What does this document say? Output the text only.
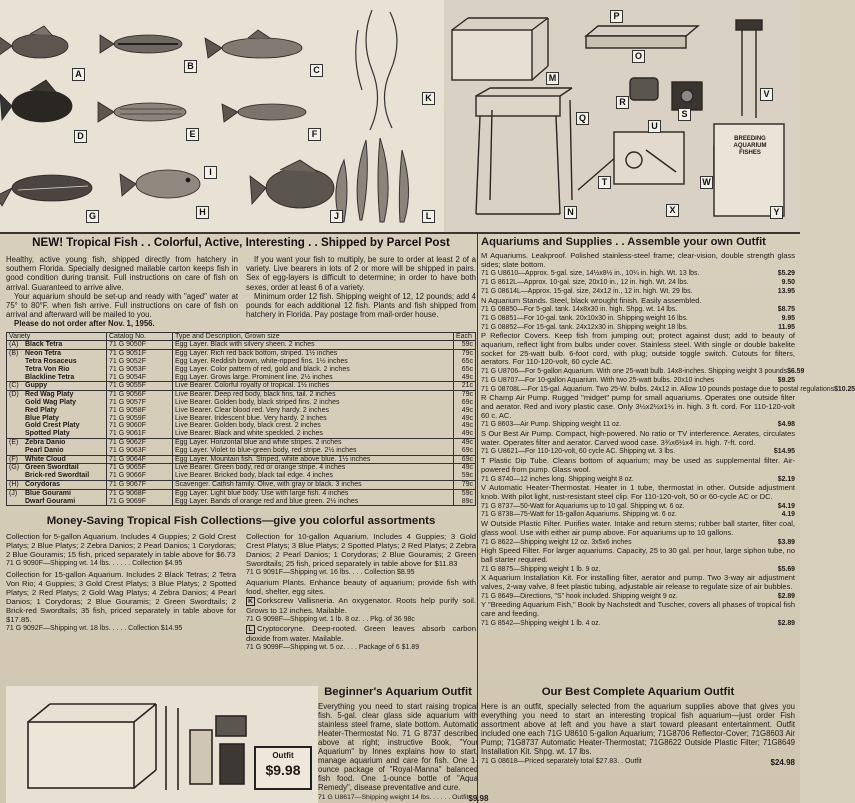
A
B	C
D	E	F
G	H
I
J
K
L
BREEDING AQUARIUM FISHES
M
N
O
P
Q
R
S
T
U
V
W
X	Y
NEW! Tropical Fish . . Colorful, Active, Interesting . . Shipped by Parcel Post

Healthy, active young fish, shipped directly from hatchery in southern Florida. Specially designed mailable carton keeps fish in good condition during transit. Full instructions on care of fish on arrival. Guaranteed to arrive alive.

Your aquarium should be set-up and ready with "aged" water at 75° to 80°F. when fish arrive. Full instructions on care of fish on arrival and afterward will be mailed to you.

Please do not order after Nov. 1, 1956.

If you want your fish to multiply, be sure to order at least 2 of a variety. Live bearers in lots of 2 or more will be shipped in pairs. Sex of egg-layers is difficult to determine; in order to have both sexes, order at least 6 of a variety.

Minimum order 12 fish. Shipping weight of 12, 12 pounds; add 4 pounds for each additional 12 fish. Plants and fish shipped from hatchery in Florida. Pay postage from mail-order house.

Variety	Catalog No.	Type and Description, Grown size	Each
(A) Black Tetra	71 G 9050F	Egg Layer. Black with silvery sheen. 2 inches	59c
(B) Neon Tetra	71 G 9051F	Egg Layer. Rich red back bottom, striped. 1½ inches	79c
Tetra Rosaceus	71 G 9052F	Egg Layer. Reddish brown, white-ripped fins. 1½ inches	65c
Tetra Von Rio	71 G 9053F	Egg Layer. Color pattern of red, gold and black. 2 inches	65c
Blackline Tetra	71 G 9054F	Egg Layer. Grows large. Prominent line. 2½ inches	49c
(C) Guppy	71 G 9055F	Live Bearer. Colorful royalty of tropical. 1½ inches	21c
(D) Red Wag Platy	71 G 9056F	Live Bearer. Deep red body, black fins, tail. 2 inches	79c
Gold Wag Platy	71 G 9057F	Live Bearer. Golden body, black striped fins. 2 inches	69c
Red Platy	71 G 9058F	Live Bearer. Clear blood red. Very hardy. 2 inches	49c
Blue Platy	71 G 9059F	Live Bearer. Iridescent blue. Very hardy. 2 inches	49c
Gold Crest Platy	71 G 9060F	Live Bearer. Golden body, black crest. 2 inches	49c
Spotted Platy	71 G 9061F	Live Bearer. Black and white speckled. 2 inches	49c
(E) Zebra Danio	71 G 9062F	Egg Layer. Horizontal blue and white stripes. 2 inches	49c
Pearl Danio	71 G 9063F	Egg Layer. Violet to blue-green body, red stripe. 2½ inches	69c
(F) White Cloud	71 G 9064F	Egg Layer. Mountain fish. Striped, white above blue. 1½ inches	69c
(G) Green Swordtail	71 G 9065F	Live Bearer. Green body, red or orange stripe. 4 inches	49c
Brick-red Swordtail	71 G 9066F	Live Bearer. Bricked body, black tail edge. 4 inches	59c
(H) Corydoras	71 G 9067F	Scavenger. Catfish family. Olive, with gray or black. 3 inches	79c
(J) Blue Gourami	71 G 9068F	Egg Layer. Light blue body. Use with large fish. 4 inches	59c
Dwarf Gourami	71 G 9069F	Egg Layer. Bands of orange red and blue green. 2½ inches	89c
Money-Saving Tropical Fish Collections—give you colorful assortments

Collection for 5-gallon Aquarium. Includes 4 Guppies; 2 Gold Crest Platys; 2 Blue Platys; 2 Zebra Danios; 2 Pearl Danios; 1 Corydoras; 2 Blue Gouramis; 15 fish, priced separately in table above for $6.73

71 G 9090F—Shipping wt. 14 lbs. . . . . . Collection $4.95

Collection for 15-gallon Aquarium. Includes 2 Black Tetras; 2 Tetra Von Rio; 4 Guppies; 3 Gold Crest Platys; 3 Blue Platys; 2 Spotted Platys; 2 Red Platys; 2 Gold Wag Platys; 4 Zebra Danios; 4 Pearl Danios; 1 Corydoras; 2 Blue Gouramis; 2 Green Swordtails; 2 Brick-red Swordtails; 35 fish, priced separately in table above for $17.85.

71 G 9092F—Shipping wt. 18 lbs. . . . . Collection $14.95

Collection for 10-gallon Aquarium. Includes 4 Guppies; 3 Gold Crest Platys; 3 Blue Platys; 2 Spotted Platys; 2 Red Platys; 2 Zebra Danios; 2 Pearl Danios; 1 Corydoras; 2 Blue Gouramis; 2 Green Swordtails; 25 fish, priced separately in table above for $11.83

71 G 9091F—Shipping wt. 16 lbs. . . . Collection $8.95

Aquarium Plants. Enhance beauty of aquarium; provide fish with food, shelter, egg sites.

K Corkscrew Vallisneria. An oxygenator. Roots help purify soil. Grows to 12 inches. Mailable.

71 G 9098F—Shipping wt. 1 lb. 8 oz. . . Pkg. of 36 98c

L Cryptocoryne. Deep-rooted. Green leaves absorb carbon dioxide from water. Mailable.

71 G 9099F—Shipping wt. 5 oz. . . . Package of 6 $1.89
Outfit
$9.98
Beginner's Aquarium Outfit

Everything you need to start raising tropical fish. 5-gal. clear glass side aquarium with stainless steel frame, slate bottom. Automatic Heater-Thermostat No. 71 G 8737 described above at right; instructive Book, "Your Aquarium" by Innes explains how to start, manage aquarium and care for fish. One 1-ounce package of "Royal-Manna" balanced fish food. One 1-ounce bottle of "Aqua Remedy", disease preventative and cure.

71 G U8617—Shipping weight 14 lbs. . . . . . Outfit $9.98
Aquariums and Supplies . . Assemble your own Outfit

M Aquariums. Leakproof. Polished stainless-steel frame; clear-vision, double strength glass sides; slate bottom.

71 G U8610—Approx. 5-gal. size, 14½x8½ in., 10¼ in. high. Wt. 13 lbs.	$5.29
71 G 8612L—Approx. 10-gal. size, 20x10 in., 12 in. high. Wt. 24 lbs.	9.50
71 G 08614L—Approx. 15-gal. size, 24x12 in., 12 in. high. Wt. 29 lbs.	13.95

N Aquarium Stands. Steel, black wrought finish. Easily assembled.

71 G 08850—For 5-gal. tank. 14x8x30 in. high. Shpg. wt. 14 lbs.	$8.75
71 G 08851—For 10-gal. tank. 20x10x30 in. Shipping weight 16 lbs.	9.95
71 G 08852—For 15-gal. tank. 24x12x30 in. Shipping weight 18 lbs.	11.95

P Reflector Covers. Keep fish from jumping out; protect against dust; add to beauty of aquarium, reflect light from bulbs under cover. Stainless steel. With single or double bakelite socket for 25-watt bulb. 6-foot cord, with plug; outside toggle switch. Cutouts for filters, aerators. For 110-120-volt, 60 cycle AC.

71 G U8706—For 5-gallon Aquarium. With one 25-watt bulb. 14x8-inches. Shipping weight 3 pounds $6.59
71 G U8707—For 10-gallon Aquarium. With two 25-watt bulbs. 20x10 inches	$9.25
71 G 08708L—For 15-gal. Aquarium. Two 25-W. bulbs. 24x12 in. Allow 10 pounds postage due to postal regulations $10.25

R Champ Air Pump. Rugged "midget" pump for small aquariums. Operates one outside filter and aerator. Red and ivory plastic case. Only 3½x2½x1½ in. high. 3 ft. cord. For 110-120-volt 60 c. AC.

71 G 8603—Air Pump. Shipping weight 11 oz.	$4.98

S Our Best Air Pump. Compact, high-powered. No ratio or TV interference. Aerates, circulates water. Operates filter and aerator. Carved wood case. 3¾x6½x4 in. high. 7-ft. cord.

71 G U8621—For 110-120-volt, 60 cycle AC. Shipping wt. 3 lbs.	$14.95

T Plastic Dip Tube. Cleans bottom of aquarium; may be used as supplemental filter. Air-powered from pump. Glass wool.

71 G 8740—12 inches long. Shipping weight 8 oz.	$2.19

V Automatic Heater-Thermostat. Heater in 1 tube, thermostat in other. Outside adjustment knob. With pilot light, rust-resistant steel clip. For 110-120-volt, 50 or 60-cycle AC or DC.

71 G 8737—50-Watt for Aquariums up to 10 gal. Shipping wt. 6 oz.	$4.19
71 G 8738—75-Watt for 15-gallon Aquariums. Shipping wt. 6 oz.	4.19

W Outside Plastic Filter. Purifies water. Intake and return stems; rubber ball starter, filter coal, glass wool. Use with either air pump above. For aquariums up to 10 gallons.

71 G 8622—Shipping weight 12 oz. 3x5x6 inches	$3.89

High Speed Filter. For larger aquariums. Capacity, 25 to 30 gal. per hour, large siphon tube, no ball starter required.

71 G 8875—Shipping weight 1 lb. 9 oz.	$5.69

X Aquarium Installation Kit. For installing filter, aerator and pump. Two 3-way air adjustment valves, 2-way valve, 8 feet plastic tubing, adjustable air release to regulate size of air bubbles.

71 G 8649—Directions, "S" hook included. Shipping weight 9 oz.	$2.89

Y "Breeding Aquarium Fish," Book by Nachstedt and Tuscher, covers all phases of tropical fish care and feeding.

71 G 8542—Shipping weight 1 lb. 4 oz.	$2.89
Our Best Complete Aquarium Outfit

Here is an outfit, specially selected from the aquarium supplies above that gives you everything you need to start an interesting tropical fish aquarium—just order Fish assortment above at left and you have a start toward pleasant entertainment. Outfit included one each 71G U8610 5-gallon Aquarium; 71G8706 Reflector-Cover; 71G8603 Air Pump; 71G8737 Automatic Heater-Thermostat; 71G8622 Outside Plastic Filter; 71G8649 Installation Kit. Shpg. wt. 17 lbs.

71 G 08618—Priced separately total $27.83. . Outfit	$24.98
